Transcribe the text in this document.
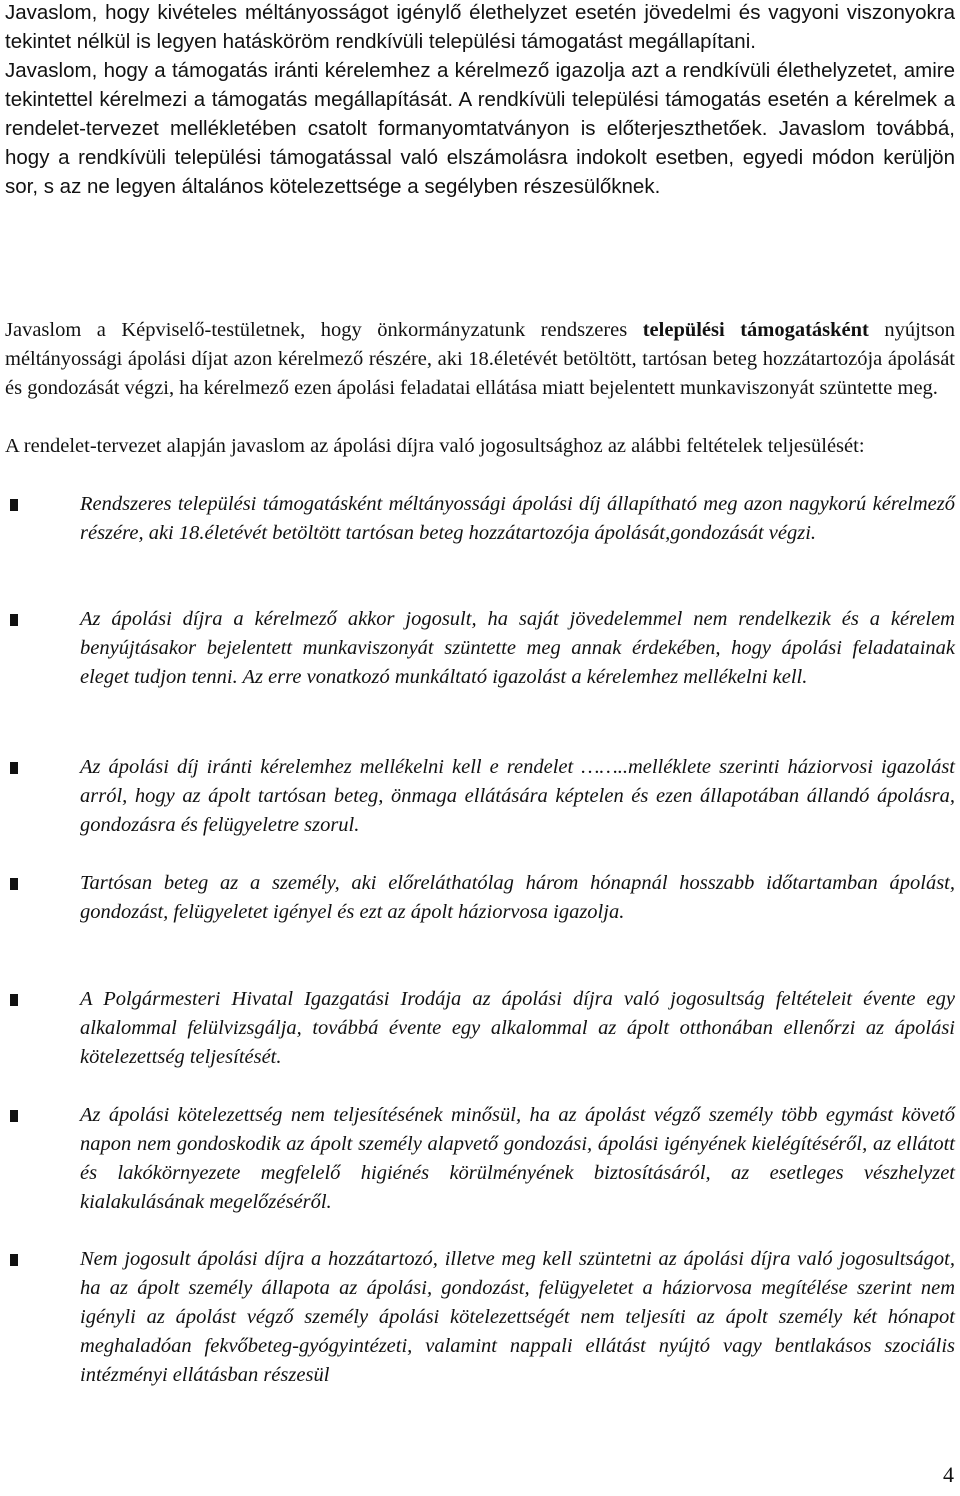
Javaslom, hogy kivételes méltányosságot igénylő élethelyzet esetén jövedelmi és vagyoni viszonyokra tekintet nélkül is legyen hatásköröm rendkívüli települési támogatást megállapítani.
Javaslom, hogy a támogatás iránti kérelemhez a kérelmező igazolja azt a rendkívüli élethelyzetet, amire tekintettel kérelmezi a támogatás megállapítását. A rendkívüli települési támogatás esetén a kérelmek a rendelet-tervezet mellékletében csatolt formanyomtatványon is előterjeszthetőek. Javaslom továbbá, hogy a rendkívüli települési támogatással való elszámolásra indokolt esetben, egyedi módon kerüljön sor, s az ne legyen általános kötelezettsége a segélyben részesülőknek.

Javaslom a Képviselő-testületnek, hogy önkormányzatunk rendszeres települési támogatásként nyújtson méltányossági ápolási díjat azon kérelmező részére, aki 18.életévét betöltött, tartósan beteg hozzátartozója ápolását és gondozását végzi, ha kérelmező ezen ápolási feladatai ellátása miatt bejelentett munkaviszonyát szüntette meg.

A rendelet-tervezet alapján javaslom az ápolási díjra való jogosultsághoz az alábbi feltételek teljesülését:

Rendszeres települési támogatásként méltányossági ápolási díj állapítható meg azon nagykorú kérelmező részére, aki 18.életévét betöltött tartósan beteg hozzátartozója ápolását,gondozását végzi.

Az ápolási díjra a kérelmező akkor jogosult, ha saját jövedelemmel nem rendelkezik és a kérelem benyújtásakor bejelentett munkaviszonyát szüntette meg annak érdekében, hogy ápolási feladatainak eleget tudjon tenni. Az erre vonatkozó munkáltató igazolást a kérelemhez mellékelni kell.

Az ápolási díj iránti kérelemhez mellékelni kell e rendelet ……..melléklete szerinti háziorvosi igazolást arról, hogy az ápolt tartósan beteg, önmaga ellátására képtelen és ezen állapotában állandó ápolásra, gondozásra és felügyeletre szorul.

Tartósan beteg az a személy, aki előreláthatólag három hónapnál hosszabb időtartamban ápolást, gondozást, felügyeletet igényel és ezt az ápolt háziorvosa igazolja.

A Polgármesteri Hivatal Igazgatási Irodája az ápolási díjra való jogosultság feltételeit évente egy alkalommal felülvizsgálja, továbbá évente egy alkalommal az ápolt otthonában ellenőrzi az ápolási kötelezettség teljesítését.

Az ápolási kötelezettség nem teljesítésének minősül, ha az ápolást végző személy több egymást követő napon nem gondoskodik az ápolt személy alapvető gondozási, ápolási igényének kielégítéséről, az ellátott és lakókörnyezete megfelelő higiénés körülményének biztosításáról, az esetleges vészhelyzet kialakulásának megelőzéséről.

Nem jogosult ápolási díjra a hozzátartozó, illetve meg kell szüntetni az ápolási díjra való jogosultságot, ha az ápolt személy állapota az ápolási, gondozást, felügyeletet a háziorvosa megítélése szerint nem igényli az ápolást végző személy ápolási kötelezettségét nem teljesíti az ápolt személy két hónapot meghaladóan fekvőbeteg-gyógyintézeti, valamint nappali ellátást nyújtó vagy bentlakásos szociális intézményi ellátásban részesül

4
